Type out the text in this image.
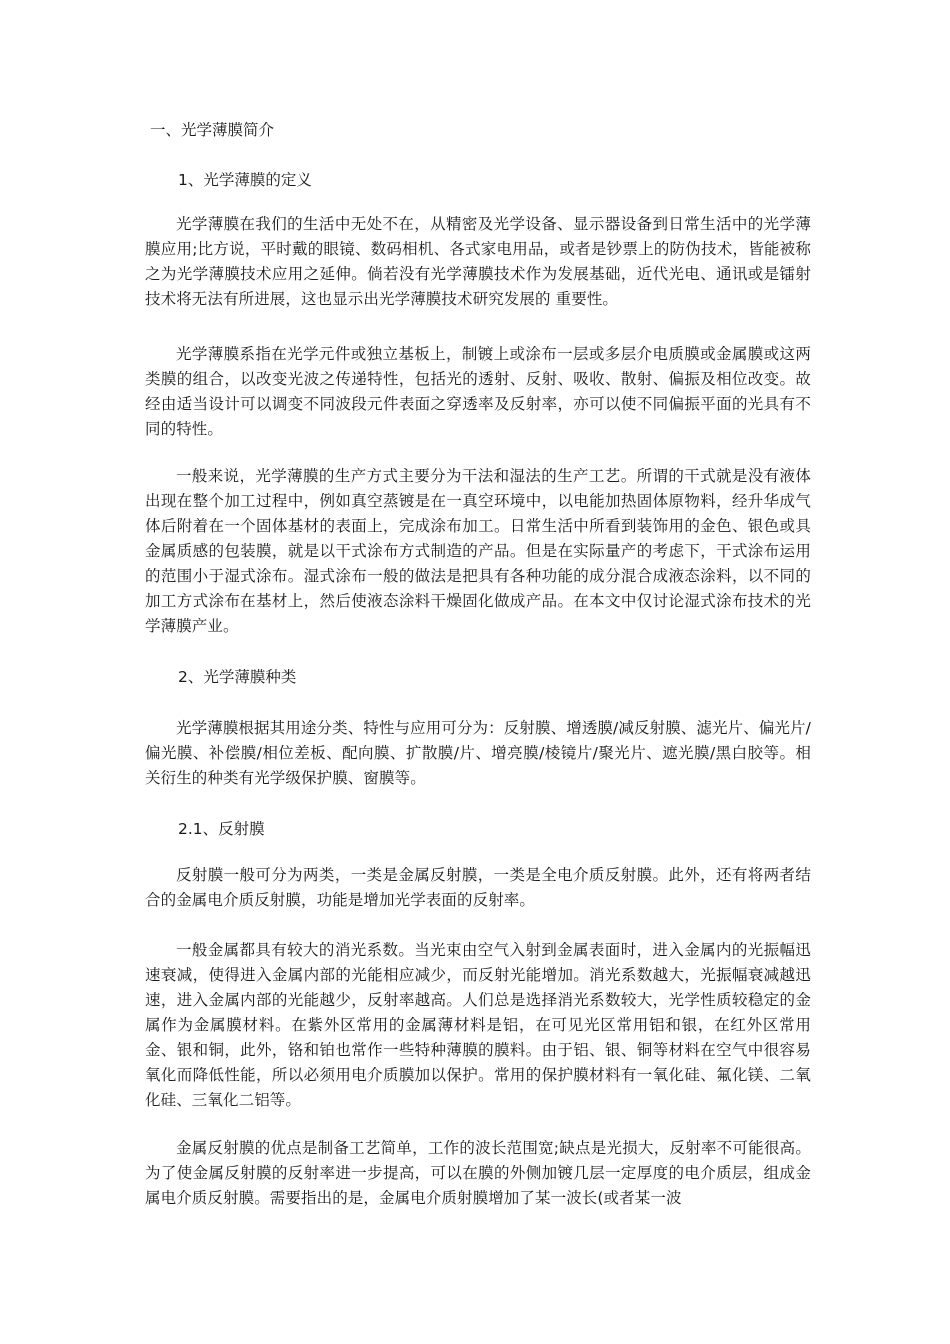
一、光学薄膜简介
1、光学薄膜的定义

光学薄膜在我们的生活中无处不在，从精密及光学设备、显示器设备到日常生活中的光学薄膜应用;比方说，平时戴的眼镜、数码相机、各式家电用品，或者是钞票上的防伪技术，皆能被称之为光学薄膜技术应用之延伸。倘若没有光学薄膜技术作为发展基础，近代光电、通讯或是镭射技术将无法有所进展，这也显示出光学薄膜技术研究发展的 重要性。

光学薄膜系指在光学元件或独立基板上，制镀上或涂布一层或多层介电质膜或金属膜或这两类膜的组合，以改变光波之传递特性，包括光的透射、反射、吸收、散射、偏振及相位改变。故经由适当设计可以调变不同波段元件表面之穿透率及反射率，亦可以使不同偏振平面的光具有不同的特性。

一般来说，光学薄膜的生产方式主要分为干法和湿法的生产工艺。所谓的干式就是没有液体出现在整个加工过程中，例如真空蒸镀是在一真空环境中，以电能加热固体原物料，经升华成气体后附着在一个固体基材的表面上，完成涂布加工。日常生活中所看到装饰用的金色、银色或具金属质感的包装膜，就是以干式涂布方式制造的产品。但是在实际量产的考虑下，干式涂布运用的范围小于湿式涂布。湿式涂布一般的做法是把具有各种功能的成分混合成液态涂料，以不同的加工方式涂布在基材上，然后使液态涂料干燥固化做成产品。在本文中仅讨论湿式涂布技术的光学薄膜产业。

2、光学薄膜种类

光学薄膜根据其用途分类、特性与应用可分为：反射膜、增透膜/减反射膜、滤光片、偏光片/偏光膜、补偿膜/相位差板、配向膜、扩散膜/片、增亮膜/棱镜片/聚光片、遮光膜/黑白胶等。相关衍生的种类有光学级保护膜、窗膜等。

2.1、反射膜

反射膜一般可分为两类，一类是金属反射膜，一类是全电介质反射膜。此外，还有将两者结合的金属电介质反射膜，功能是增加光学表面的反射率。

一般金属都具有较大的消光系数。当光束由空气入射到金属表面时，进入金属内的光振幅迅速衰减，使得进入金属内部的光能相应减少，而反射光能增加。消光系数越大，光振幅衰减越迅速，进入金属内部的光能越少，反射率越高。人们总是选择消光系数较大，光学性质较稳定的金属作为金属膜材料。在紫外区常用的金属薄材料是铝，在可见光区常用铝和银，在红外区常用金、银和铜，此外，铬和铂也常作一些特种薄膜的膜料。由于铝、银、铜等材料在空气中很容易氧化而降低性能，所以必须用电介质膜加以保护。常用的保护膜材料有一氧化硅、氟化镁、二氧化硅、三氧化二铝等。

金属反射膜的优点是制备工艺简单，工作的波长范围宽;缺点是光损大，反射率不可能很高。为了使金属反射膜的反射率进一步提高，可以在膜的外侧加镀几层一定厚度的电介质层，组成金属电介质反射膜。需要指出的是，金属电介质射膜增加了某一波长(或者某一波
